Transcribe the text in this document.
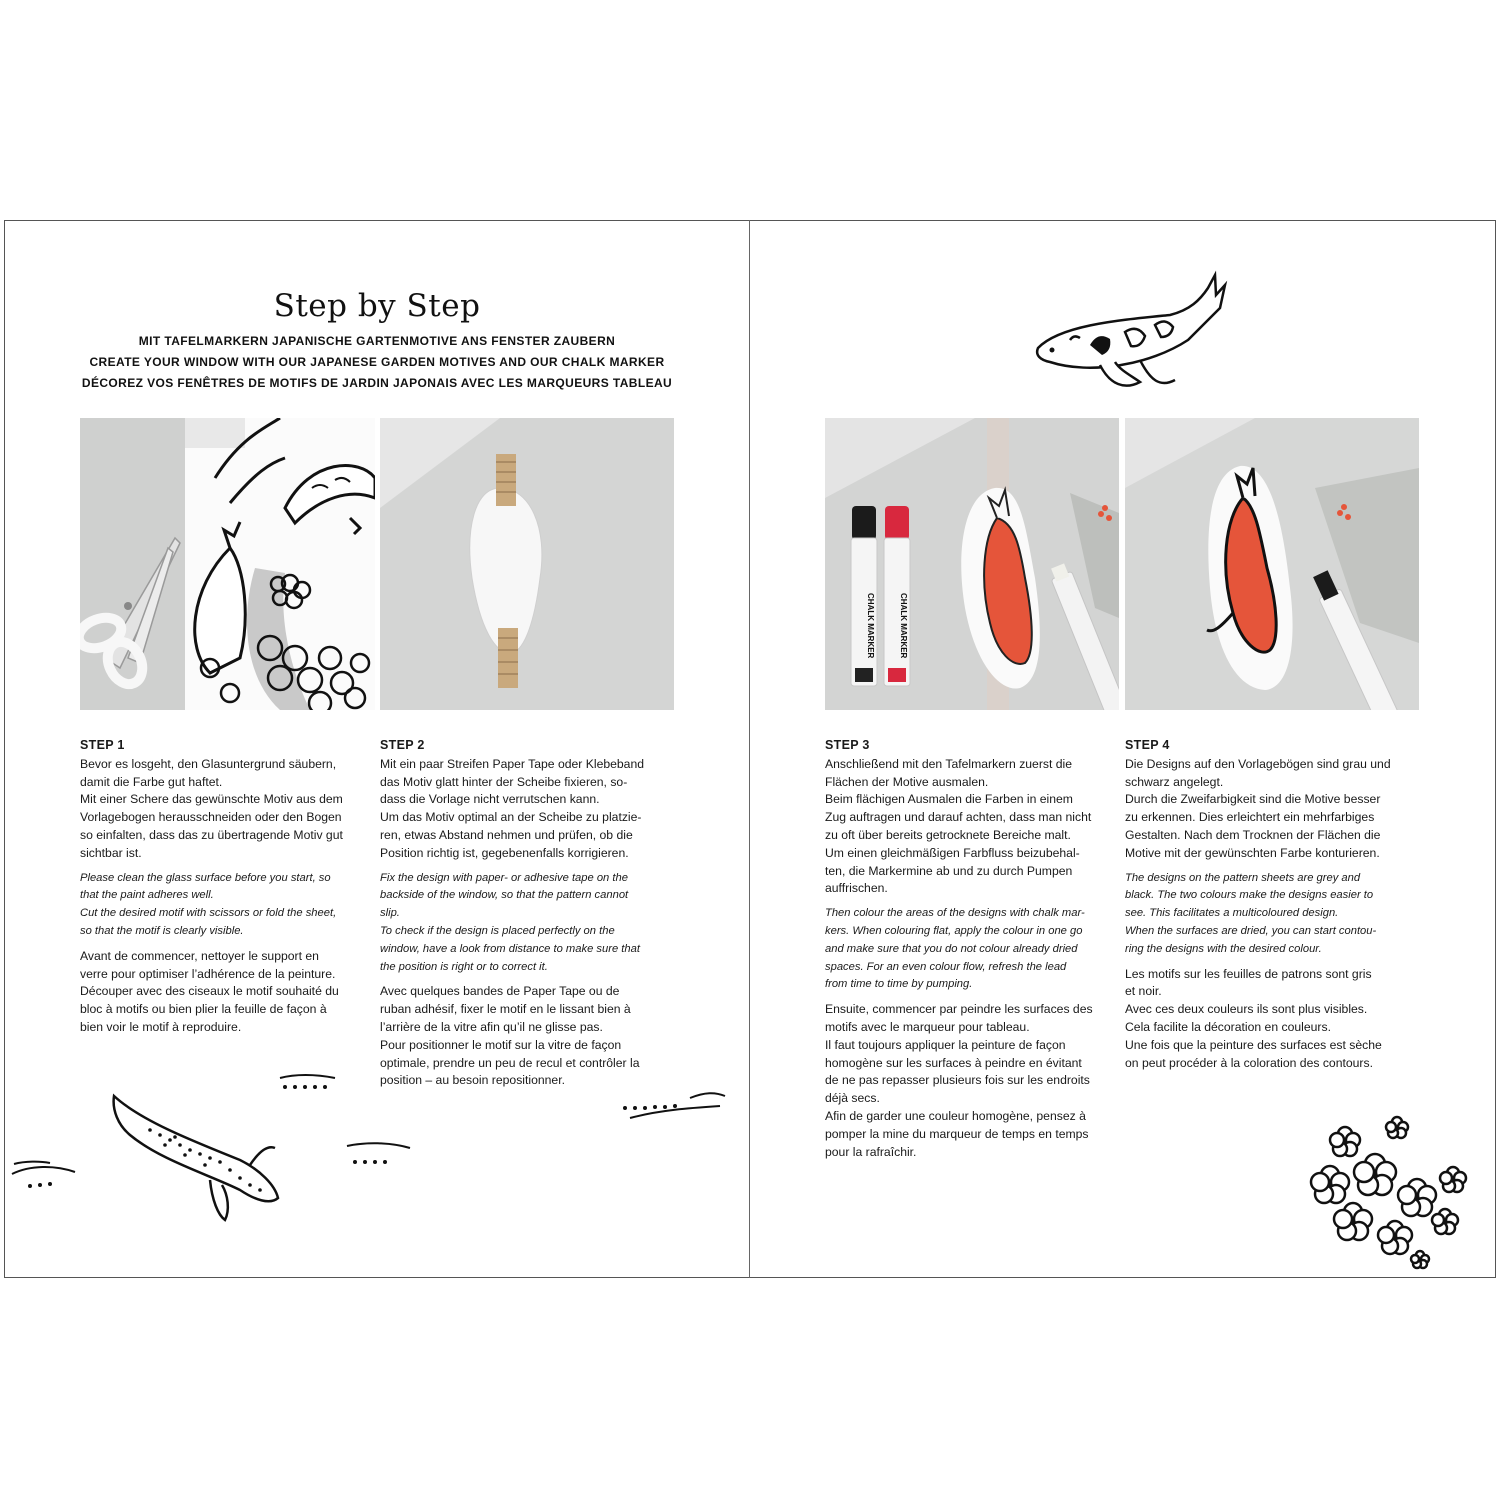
Step by Step
MIT TAFELMARKERN JAPANISCHE GARTENMOTIVE ANS FENSTER ZAUBERN
CREATE YOUR WINDOW WITH OUR JAPANESE GARDEN MOTIVES AND OUR CHALK MARKER
DÉCOREZ VOS FENÊTRES DE MOTIFS DE JARDIN JAPONAIS AVEC LES MARQUEURS TABLEAU
CHALK MARKER	CHALK MARKER
STEP 1

Bevor es losgeht, den Glasuntergrund säubern,
damit die Farbe gut haftet.
Mit einer Schere das gewünschte Motiv aus dem
Vorlagebogen herausschneiden oder den Bogen
so einfalten, dass das zu übertragende Motiv gut
sichtbar ist.

Please clean the glass surface before you start, so
that the paint adheres well.
Cut the desired motif with scissors or fold the sheet,
so that the motif is clearly visible.

Avant de commencer, nettoyer le support en
verre pour optimiser l’adhérence de la peinture.
Découper avec des ciseaux le motif souhaité du
bloc à motifs ou bien plier la feuille de façon à
bien voir le motif à reproduire.

STEP 2

Mit ein paar Streifen Paper Tape oder Klebeband
das Motiv glatt hinter der Scheibe fixieren, so-
dass die Vorlage nicht verrutschen kann.
Um das Motiv optimal an der Scheibe zu platzie-
ren, etwas Abstand nehmen und prüfen, ob die
Position richtig ist, gegebenenfalls korrigieren.

Fix the design with paper- or adhesive tape on the
backside of the window, so that the pattern cannot
slip.
To check if the design is placed perfectly on the
window, have a look from distance to make sure that
the position is right or to correct it.

Avec quelques bandes de Paper Tape ou de
ruban adhésif, fixer le motif en le lissant bien à
l’arrière de la vitre afin qu’il ne glisse pas.
Pour positionner le motif sur la vitre de façon
optimale, prendre un peu de recul et contrôler la
position – au besoin repositionner.

STEP 3

Anschließend mit den Tafelmarkern zuerst die
Flächen der Motive ausmalen.
Beim flächigen Ausmalen die Farben in einem
Zug auftragen und darauf achten, dass man nicht
zu oft über bereits getrocknete Bereiche malt.
Um einen gleichmäßigen Farbfluss beizubehal-
ten, die Markermine ab und zu durch Pumpen
auffrischen.

Then colour the areas of the designs with chalk mar-
kers. When colouring flat, apply the colour in one go
and make sure that you do not colour already dried
spaces. For an even colour flow, refresh the lead
from time to time by pumping.

Ensuite, commencer par peindre les surfaces des
motifs avec le marqueur pour tableau.
Il faut toujours appliquer la peinture de façon
homogène sur les surfaces à peindre en évitant
de ne pas repasser plusieurs fois sur les endroits
déjà secs.
Afin de garder une couleur homogène, pensez à
pomper la mine du marqueur de temps en temps
pour la rafraîchir.

STEP 4

Die Designs auf den Vorlagebögen sind grau und
schwarz angelegt.
Durch die Zweifarbigkeit sind die Motive besser
zu erkennen. Dies erleichtert ein mehrfarbiges
Gestalten. Nach dem Trocknen der Flächen die
Motive mit der gewünschten Farbe konturieren.

The designs on the pattern sheets are grey and
black. The two colours make the designs easier to
see. This facilitates a multicoloured design.
When the surfaces are dried, you can start contou-
ring the designs with the desired colour.

Les motifs sur les feuilles de patrons sont gris
et noir.
Avec ces deux couleurs ils sont plus visibles.
Cela facilite la décoration en couleurs.
Une fois que la peinture des surfaces est sèche
on peut procéder à la coloration des contours.
